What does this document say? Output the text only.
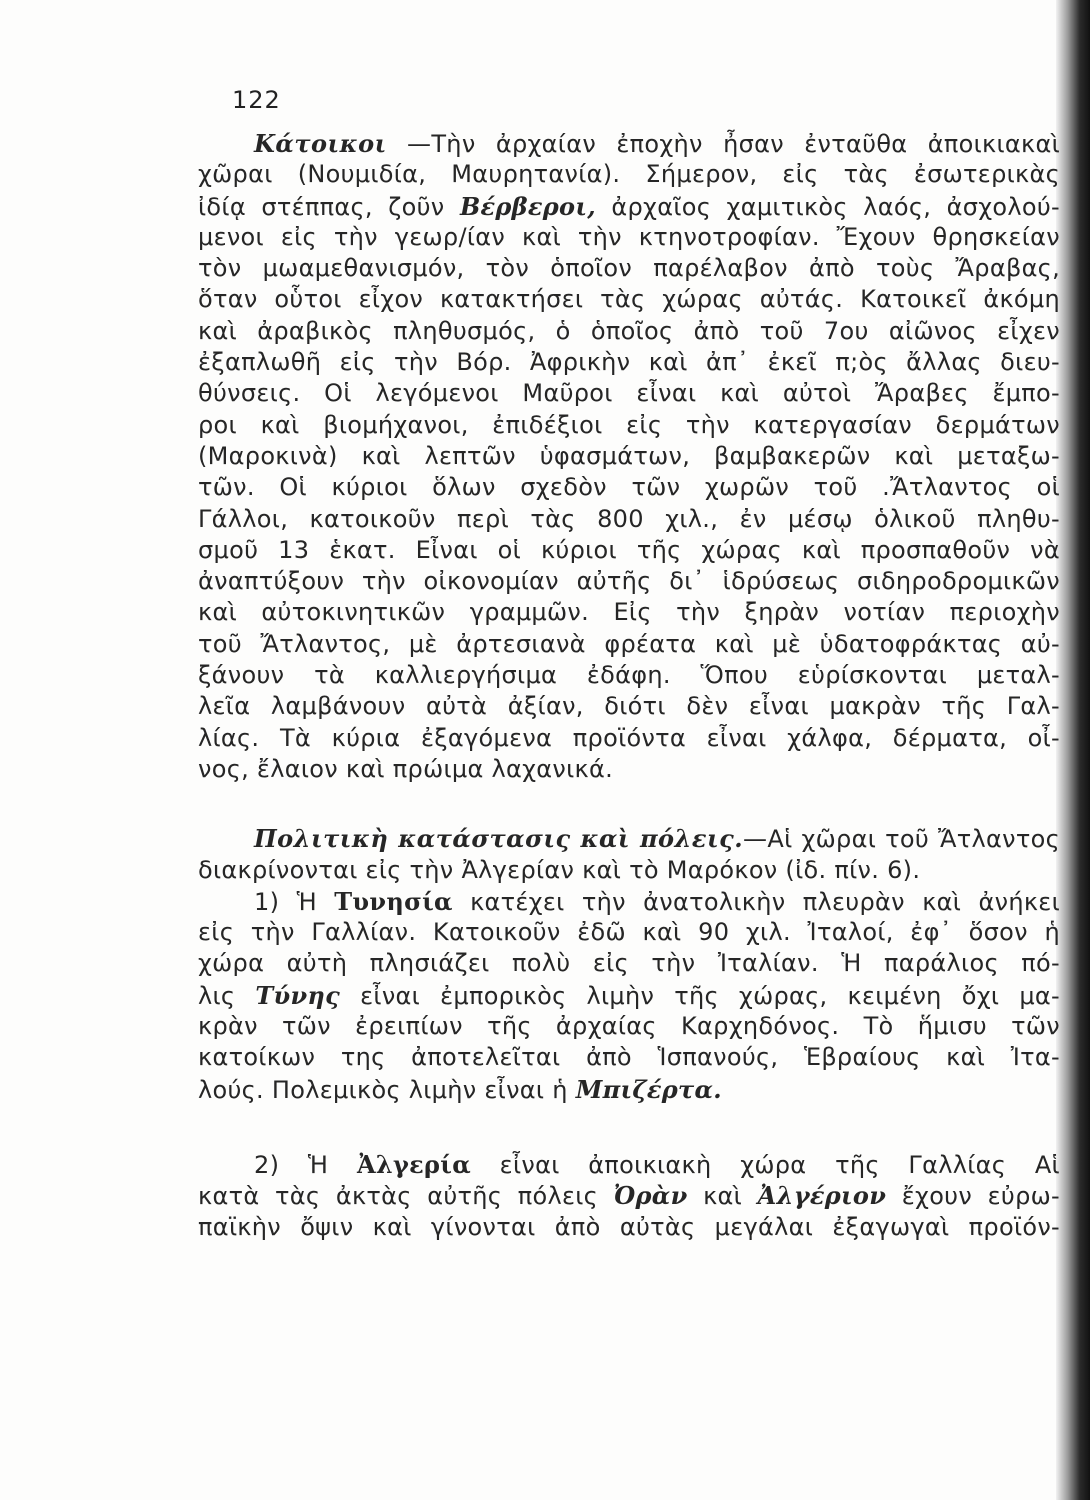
122
Κάτοικοι —Τὴν ἀρχαίαν ἐποχὴν ἦσαν ἐνταῦθα ἀποικιακαὶ
χῶραι (Νουμιδία, Μαυρητανία). Σήμερον, εἰς τὰς ἐσωτερικὰς
ἰδίᾳ στέππας, ζοῦν Βέρβεροι, ἀρχαῖος χαμιτικὸς λαός, ἀσχολού-
μενοι εἰς τὴν γεωρ/ίαν καὶ τὴν κτηνοτροφίαν. Ἔχουν θρησκείαν
τὸν μωαμεθανισμόν, τὸν ὁποῖον παρέλαβον ἀπὸ τοὺς Ἄραβας,
ὅταν οὗτοι εἶχον κατακτήσει τὰς χώρας αὐτάς. Κατοικεῖ ἀκόμη
καὶ ἀραβικὸς πληθυσμός, ὁ ὁποῖος ἀπὸ τοῦ 7ου αἰῶνος εἶχεν
ἐξαπλωθῆ εἰς τὴν Βόρ. Ἀφρικὴν καὶ ἀπ᾿ ἐκεῖ π;ὸς ἄλλας διευ-
θύνσεις. Οἱ λεγόμενοι Μαῦροι εἶναι καὶ αὐτοὶ Ἄραβες ἔμπο-
ροι καὶ βιομήχανοι, ἐπιδέξιοι εἰς τὴν κατεργασίαν δερμάτων
(Μαροκινὰ) καὶ λεπτῶν ὑφασμάτων, βαμβακερῶν καὶ μεταξω-
τῶν. Οἱ κύριοι ὅλων σχεδὸν τῶν χωρῶν τοῦ .Ἄτλαντος οἱ
Γάλλοι, κατοικοῦν περὶ τὰς 800 χιλ., ἐν μέσῳ ὁλικοῦ πληθυ-
σμοῦ 13 ἑκατ. Εἶναι οἱ κύριοι τῆς χώρας καὶ προσπαθοῦν νὰ
ἀναπτύξουν τὴν οἰκονομίαν αὐτῆς δι᾿ ἱδρύσεως σιδηροδρομικῶν
καὶ αὐτοκινητικῶν γραμμῶν. Εἰς τὴν ξηρὰν νοτίαν περιοχὴν
τοῦ Ἄτλαντος, μὲ ἀρτεσιανὰ φρέατα καὶ μὲ ὑδατοφράκτας αὐ-
ξάνουν τὰ καλλιεργήσιμα ἐδάφη. Ὅπου εὑρίσκονται μεταλ-
λεῖα λαμβάνουν αὐτὰ ἀξίαν, διότι δὲν εἶναι μακρὰν τῆς Γαλ-
λίας. Τὰ κύρια ἐξαγόμενα προϊόντα εἶναι χάλφα, δέρματα, οἶ-
νος, ἔλαιον καὶ πρώιμα λαχανικά.
Πολιτικὴ κατάστασις καὶ πόλεις.—Αἱ χῶραι τοῦ Ἄτλαντος
διακρίνονται εἰς τὴν Ἀλγερίαν καὶ τὸ Μαρόκον (ἰδ. πίν. 6).
1) Ἡ Τυνησία κατέχει τὴν ἀνατολικὴν πλευρὰν καὶ ἀνήκει
εἰς τὴν Γαλλίαν. Κατοικοῦν ἐδῶ καὶ 90 χιλ. Ἰταλοί, ἐφ᾿ ὅσον ἡ
χώρα αὐτὴ πλησιάζει πολὺ εἰς τὴν Ἰταλίαν. Ἡ παράλιος πό-
λις Τύνης εἶναι ἐμπορικὸς λιμὴν τῆς χώρας, κειμένη ὄχι μα-
κρὰν τῶν ἐρειπίων τῆς ἀρχαίας Καρχηδόνος. Τὸ ἥμισυ τῶν
κατοίκων της ἀποτελεῖται ἀπὸ Ἱσπανούς, Ἑβραίους καὶ Ἰτα-
λούς. Πολεμικὸς λιμὴν εἶναι ἡ Μπιζέρτα.
2) Ἡ Ἀλγερία εἶναι ἀποικιακὴ χώρα τῆς Γαλλίας Αἱ
κατὰ τὰς ἀκτὰς αὐτῆς πόλεις Ὀρὰν καὶ Ἀλγέριον ἔχουν εὐρω-
παϊκὴν ὄψιν καὶ γίνονται ἀπὸ αὐτὰς μεγάλαι ἐξαγωγαὶ προϊόν-
